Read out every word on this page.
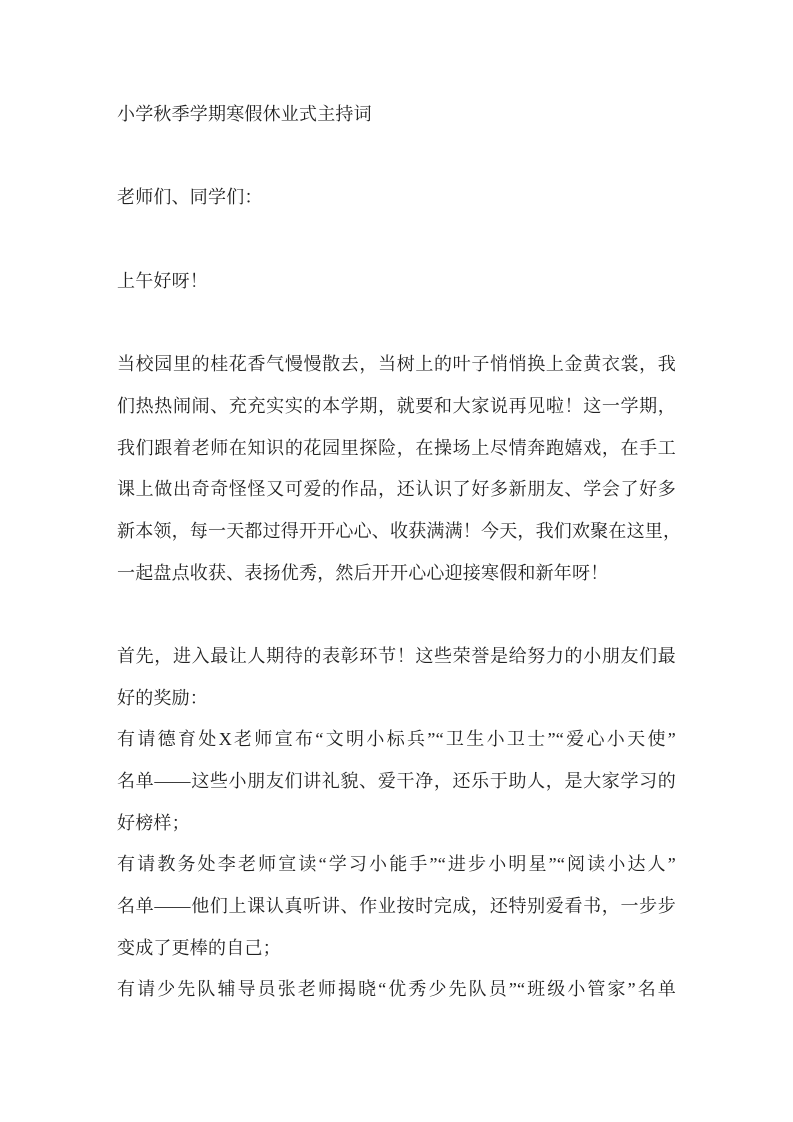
小学秋季学期寒假休业式主持词
老师们、同学们：
上午好呀！
当校园里的桂花香气慢慢散去，当树上的叶子悄悄换上金黄衣裳，我
们热热闹闹、充充实实的本学期，就要和大家说再见啦！这一学期，
我们跟着老师在知识的花园里探险，在操场上尽情奔跑嬉戏，在手工
课上做出奇奇怪怪又可爱的作品，还认识了好多新朋友、学会了好多
新本领，每一天都过得开开心心、收获满满！今天，我们欢聚在这里，
一起盘点收获、表扬优秀，然后开开心心迎接寒假和新年呀！
首先，进入最让人期待的表彰环节！这些荣誉是给努力的小朋友们最
好的奖励：
有请德育处X老师宣布“文明小标兵”“卫生小卫士”“爱心小天使”
名单——这些小朋友们讲礼貌、爱干净，还乐于助人，是大家学习的
好榜样；
有请教务处李老师宣读“学习小能手”“进步小明星”“阅读小达人”
名单——他们上课认真听讲、作业按时完成，还特别爱看书，一步步
变成了更棒的自己；
有请少先队辅导员张老师揭晓“优秀少先队员”“班级小管家”名单
